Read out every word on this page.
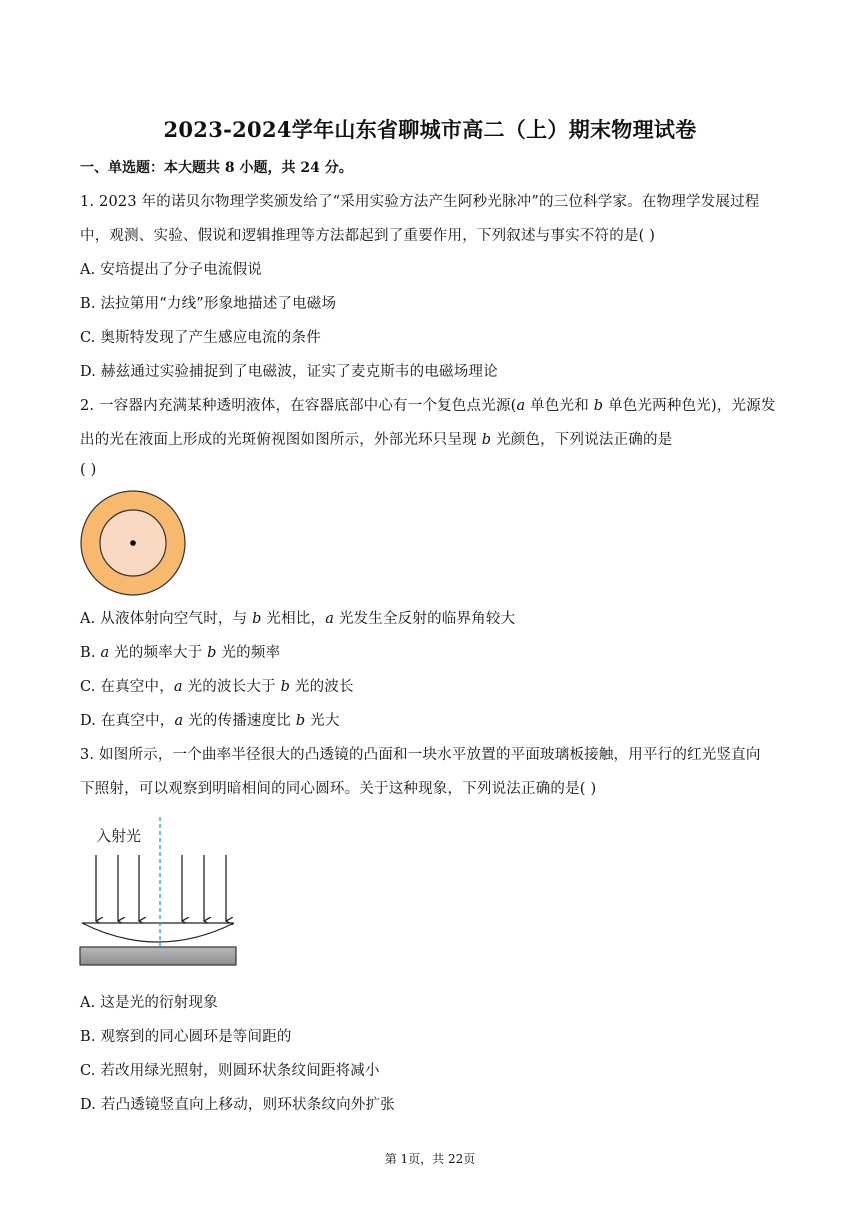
2023-2024学年山东省聊城市高二（上）期末物理试卷
一、单选题：本大题共 8 小题，共 24 分。
1. 2023 年的诺贝尔物理学奖颁发给了“采用实验方法产生阿秒光脉冲”的三位科学家。在物理学发展过程
中，观测、实验、假说和逻辑推理等方法都起到了重要作用，下列叙述与事实不符的是( )
A. 安培提出了分子电流假说
B. 法拉第用“力线”形象地描述了电磁场
C. 奥斯特发现了产生感应电流的条件
D. 赫兹通过实验捕捉到了电磁波，证实了麦克斯韦的电磁场理论
2. 一容器内充满某种透明液体，在容器底部中心有一个复色点光源(a 单色光和 b 单色光两种色光)，光源发
出的光在液面上形成的光斑俯视图如图所示，外部光环只呈现 b 光颜色，下列说法正确的是
( )
A. 从液体射向空气时，与 b 光相比，a 光发生全反射的临界角较大
B. a 光的频率大于 b 光的频率
C. 在真空中，a 光的波长大于 b 光的波长
D. 在真空中，a 光的传播速度比 b 光大
3. 如图所示，一个曲率半径很大的凸透镜的凸面和一块水平放置的平面玻璃板接触，用平行的红光竖直向
下照射，可以观察到明暗相间的同心圆环。关于这种现象，下列说法正确的是( )
入射光
A. 这是光的衍射现象
B. 观察到的同心圆环是等间距的
C. 若改用绿光照射，则圆环状条纹间距将减小
D. 若凸透镜竖直向上移动，则环状条纹向外扩张
第 1页，共 22页
